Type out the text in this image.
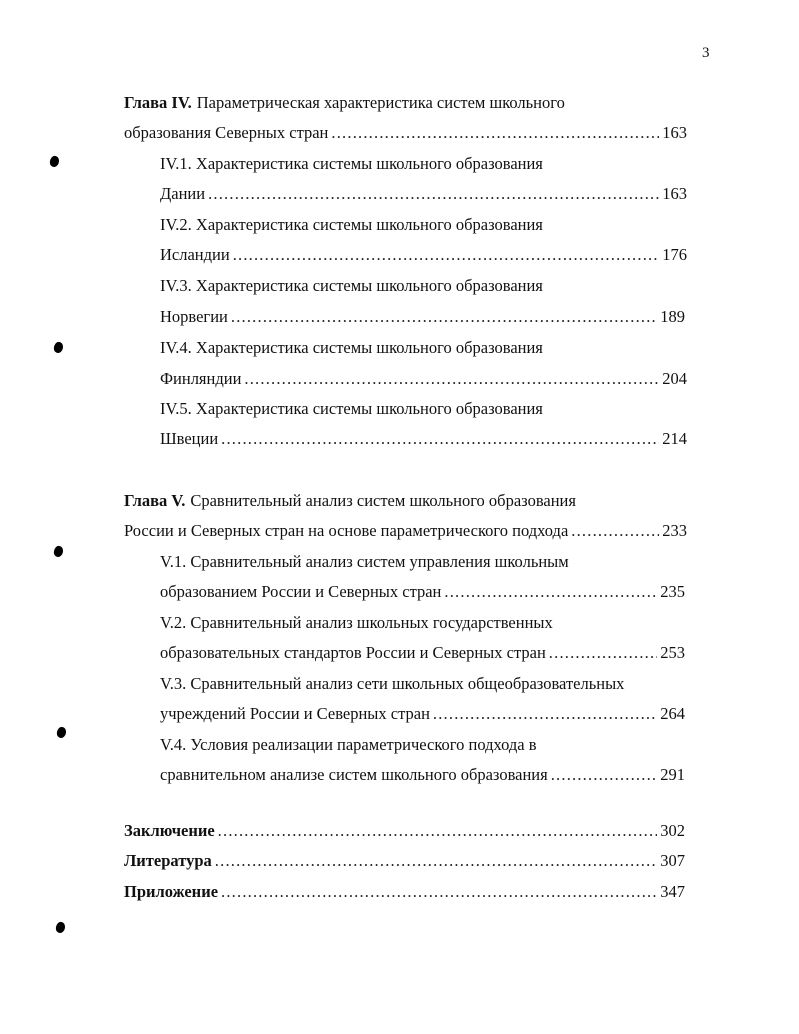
3
Глава IV. Параметрическая характеристика систем школьного
образования Северных стран .....	163
IV.1. Характеристика системы школьного образования
Дании .....	163
IV.2. Характеристика системы школьного образования
Исландии .....	176
IV.3. Характеристика системы школьного образования
Норвегии .....	189
IV.4. Характеристика системы школьного образования
Финляндии .....	204
IV.5. Характеристика системы школьного образования
Швеции .....	214
Глава V. Сравнительный анализ систем школьного образования
России и Северных стран на основе параметрического подхода .....	233
V.1. Сравнительный анализ систем управления школьным
образованием России и Северных стран .....	235
V.2. Сравнительный анализ школьных государственных
образовательных стандартов России и Северных стран .....	253
V.3. Сравнительный анализ сети школьных общеобразовательных
учреждений России и Северных стран .....	264
V.4. Условия реализации параметрического подхода в
сравнительном анализе систем школьного образования .....	291
Заключение .....	302
Литература .....	307
Приложение .....	347
